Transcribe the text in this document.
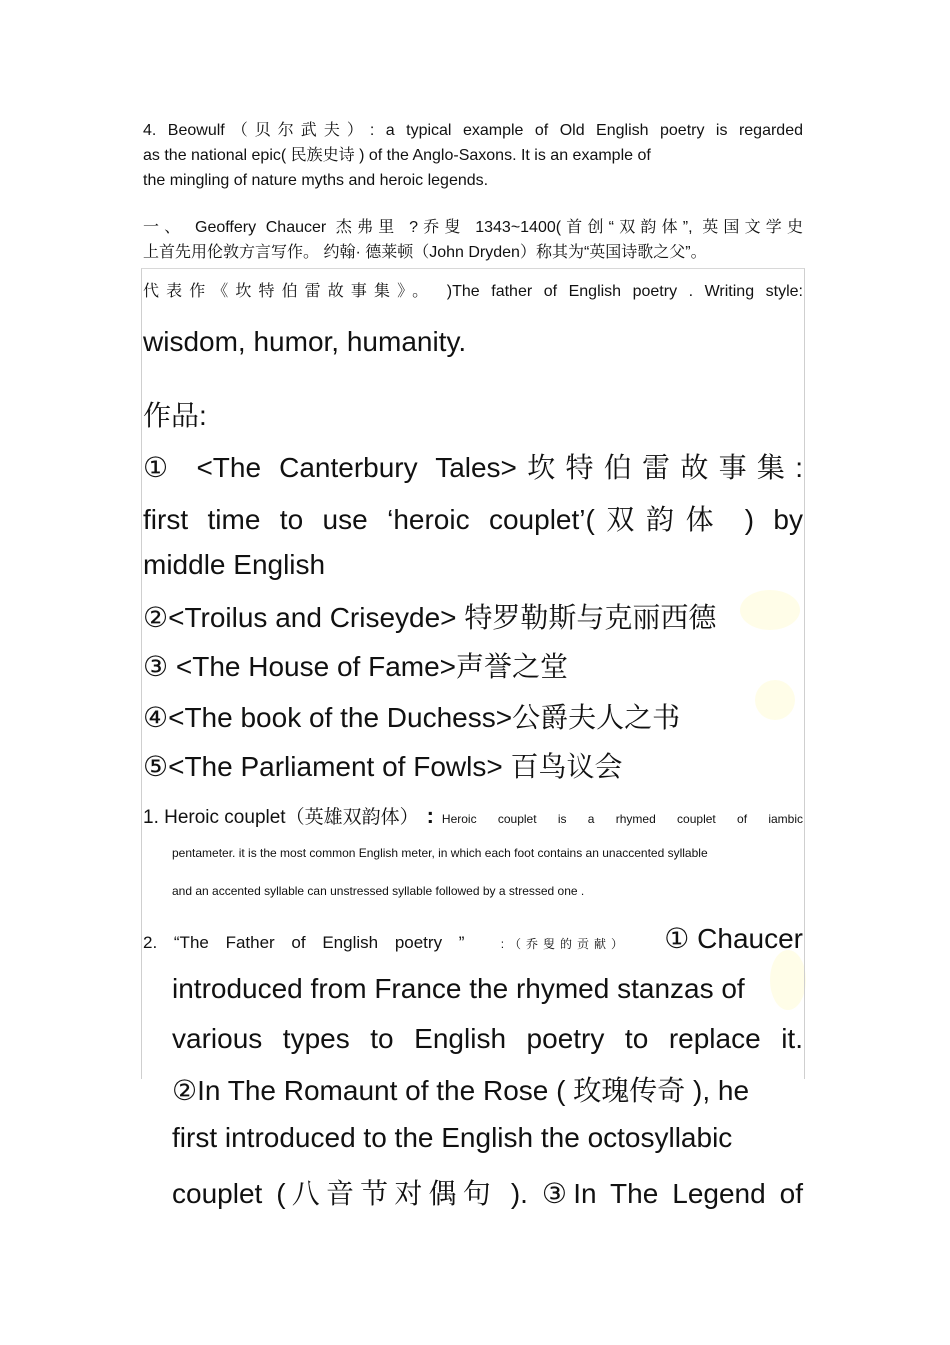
4. Beowulf（贝尔武夫）: a typical example of Old English poetry is regarded
as the national epic( 民族史诗 ) of the Anglo-Saxons. It is an example of
the mingling of nature myths and heroic legends.
一、 Geoffery Chaucer 杰弗里 ?乔叟 1343~1400(首创“双韵体”, 英国文学史
上首先用伦敦方言写作。 约翰· 德莱顿（John Dryden）称其为“英国诗歌之父”。
代表作《坎特伯雷故事集》。 )The father of English poetry . Writing style:
wisdom, humor, humanity.
作品:
① <The Canterbury Tales>坎特伯雷故事集:
first time to use ‘heroic couplet’(双韵体 ) by
middle English
②<Troilus and Criseyde> 特罗勒斯与克丽西德
③ <The House of Fame>声誉之堂
④<The book of the Duchess>公爵夫人之书
⑤<The Parliament of Fowls> 百鸟议会
1. Heroic couplet（英雄双韵体） : Heroic couplet is a rhymed couplet of iambic
pentameter. it is the most common English meter, in which each foot contains an unaccented syllable
and an accented syllable can unstressed syllable followed by a stressed one .
2. “The Father of English poetry ”	:（乔叟的贡献） ① Chaucer
introduced from France the rhymed stanzas of
various types to English poetry to replace it.
②In The Romaunt of the Rose ( 玫瑰传奇 ), he
first introduced to the English the octosyllabic
couplet (八音节对偶句 ). ③In The Legend of
